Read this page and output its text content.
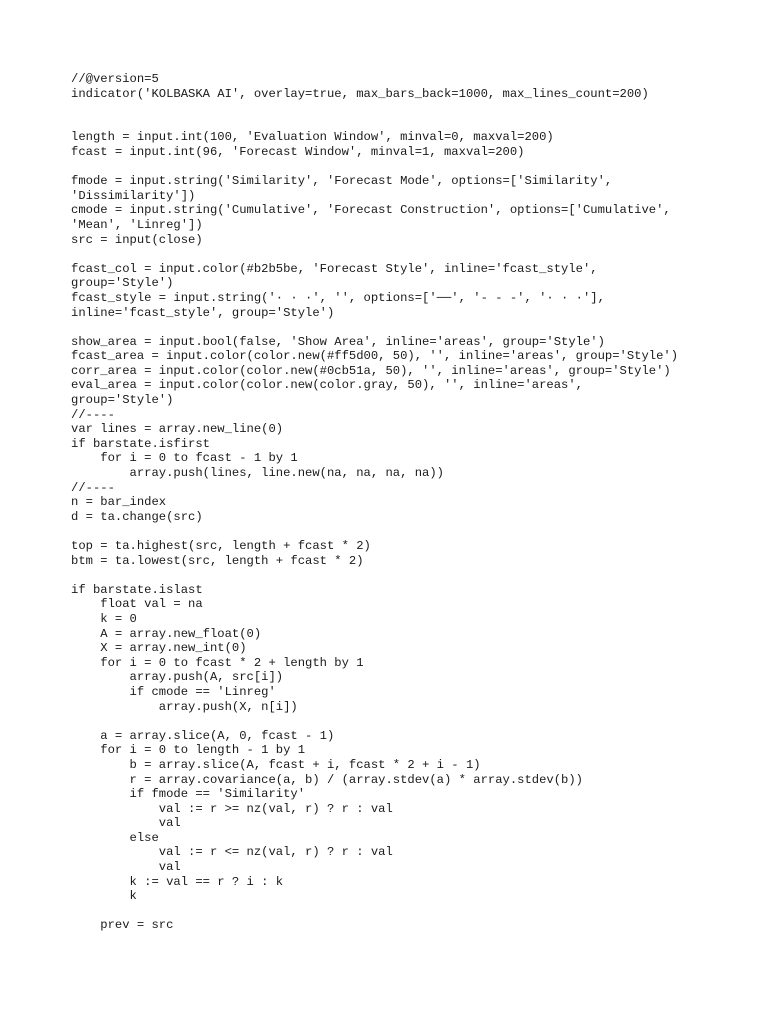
//@version=5
indicator('KOLBASKA AI', overlay=true, max_bars_back=1000, max_lines_count=200)
length = input.int(100, 'Evaluation Window', minval=0, maxval=200)
fcast = input.int(96, 'Forecast Window', minval=1, maxval=200)
fmode = input.string('Similarity', 'Forecast Mode', options=['Similarity',
'Dissimilarity'])
cmode = input.string('Cumulative', 'Forecast Construction', options=['Cumulative',
'Mean', 'Linreg'])
src = input(close)
fcast_col = input.color(#b2b5be, 'Forecast Style', inline='fcast_style',
group='Style')
fcast_style = input.string('· · ·', '', options=['──', '- - -', '· · ·'],
inline='fcast_style', group='Style')
show_area = input.bool(false, 'Show Area', inline='areas', group='Style')
fcast_area = input.color(color.new(#ff5d00, 50), '', inline='areas', group='Style')
corr_area = input.color(color.new(#0cb51a, 50), '', inline='areas', group='Style')
eval_area = input.color(color.new(color.gray, 50), '', inline='areas',
group='Style')
//----
var lines = array.new_line(0)
if barstate.isfirst
for i = 0 to fcast - 1 by 1
array.push(lines, line.new(na, na, na, na))
//----
n = bar_index
d = ta.change(src)
top = ta.highest(src, length + fcast * 2)
btm = ta.lowest(src, length + fcast * 2)
if barstate.islast
float val = na
k = 0
A = array.new_float(0)
X = array.new_int(0)
for i = 0 to fcast * 2 + length by 1
array.push(A, src[i])
if cmode == 'Linreg'
array.push(X, n[i])
a = array.slice(A, 0, fcast - 1)
for i = 0 to length - 1 by 1
b = array.slice(A, fcast + i, fcast * 2 + i - 1)
r = array.covariance(a, b) / (array.stdev(a) * array.stdev(b))
if fmode == 'Similarity'
val := r >= nz(val, r) ? r : val
val
else
val := r <= nz(val, r) ? r : val
val
k := val == r ? i : k
k
prev = src
